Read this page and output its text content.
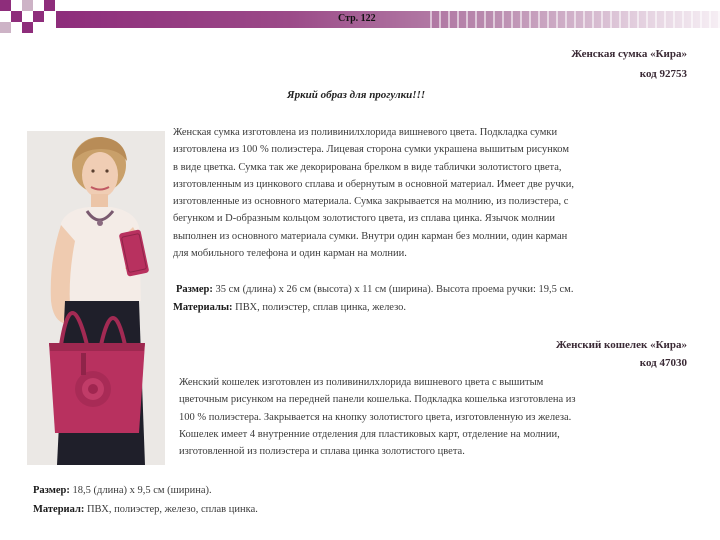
Стр. 122
Женская сумка «Кира»
код 92753
Яркий образ для прогулки!!!
Женская сумка изготовлена из поливинилхлорида вишневого цвета. Подкладка сумки
изготовлена из 100 % полиэстера. Лицевая сторона сумки украшена вышитым рисунком
в виде цветка. Сумка так же декорирована брелком в виде таблички золотистого цвета,
изготовленным из цинкового сплава и обернутым в основной материал. Имеет две ручки,
изготовленные из основного материала. Сумка закрывается на молнию, из полиэстера, с
бегунком и D-образным кольцом золотистого цвета, из сплава цинка. Язычок молнии
выполнен из основного материала сумки. Внутри один карман без молнии, один карман
для мобильного телефона и один карман на молнии.
Размер: 35 см (длина) х 26 см (высота) х 11 см (ширина). Высота проема ручки: 19,5 см.
Материалы: ПВХ, полиэстер, сплав цинка, железо.
Женский кошелек «Кира»
код 47030
Женский кошелек изготовлен из поливинилхлорида вишневого цвета с вышитым
цветочным рисунком на передней панели кошелька. Подкладка кошелька изготовлена из
100 % полиэстера. Закрывается на кнопку золотистого цвета, изготовленную из железа.
Кошелек имеет 4 внутренние отделения для пластиковых карт, отделение на молнии,
изготовленной из полиэстера и сплава цинка золотистого цвета.
Размер: 18,5 (длина) х 9,5 см (ширина).
Материал: ПВХ, полиэстер, железо, сплав цинка.
